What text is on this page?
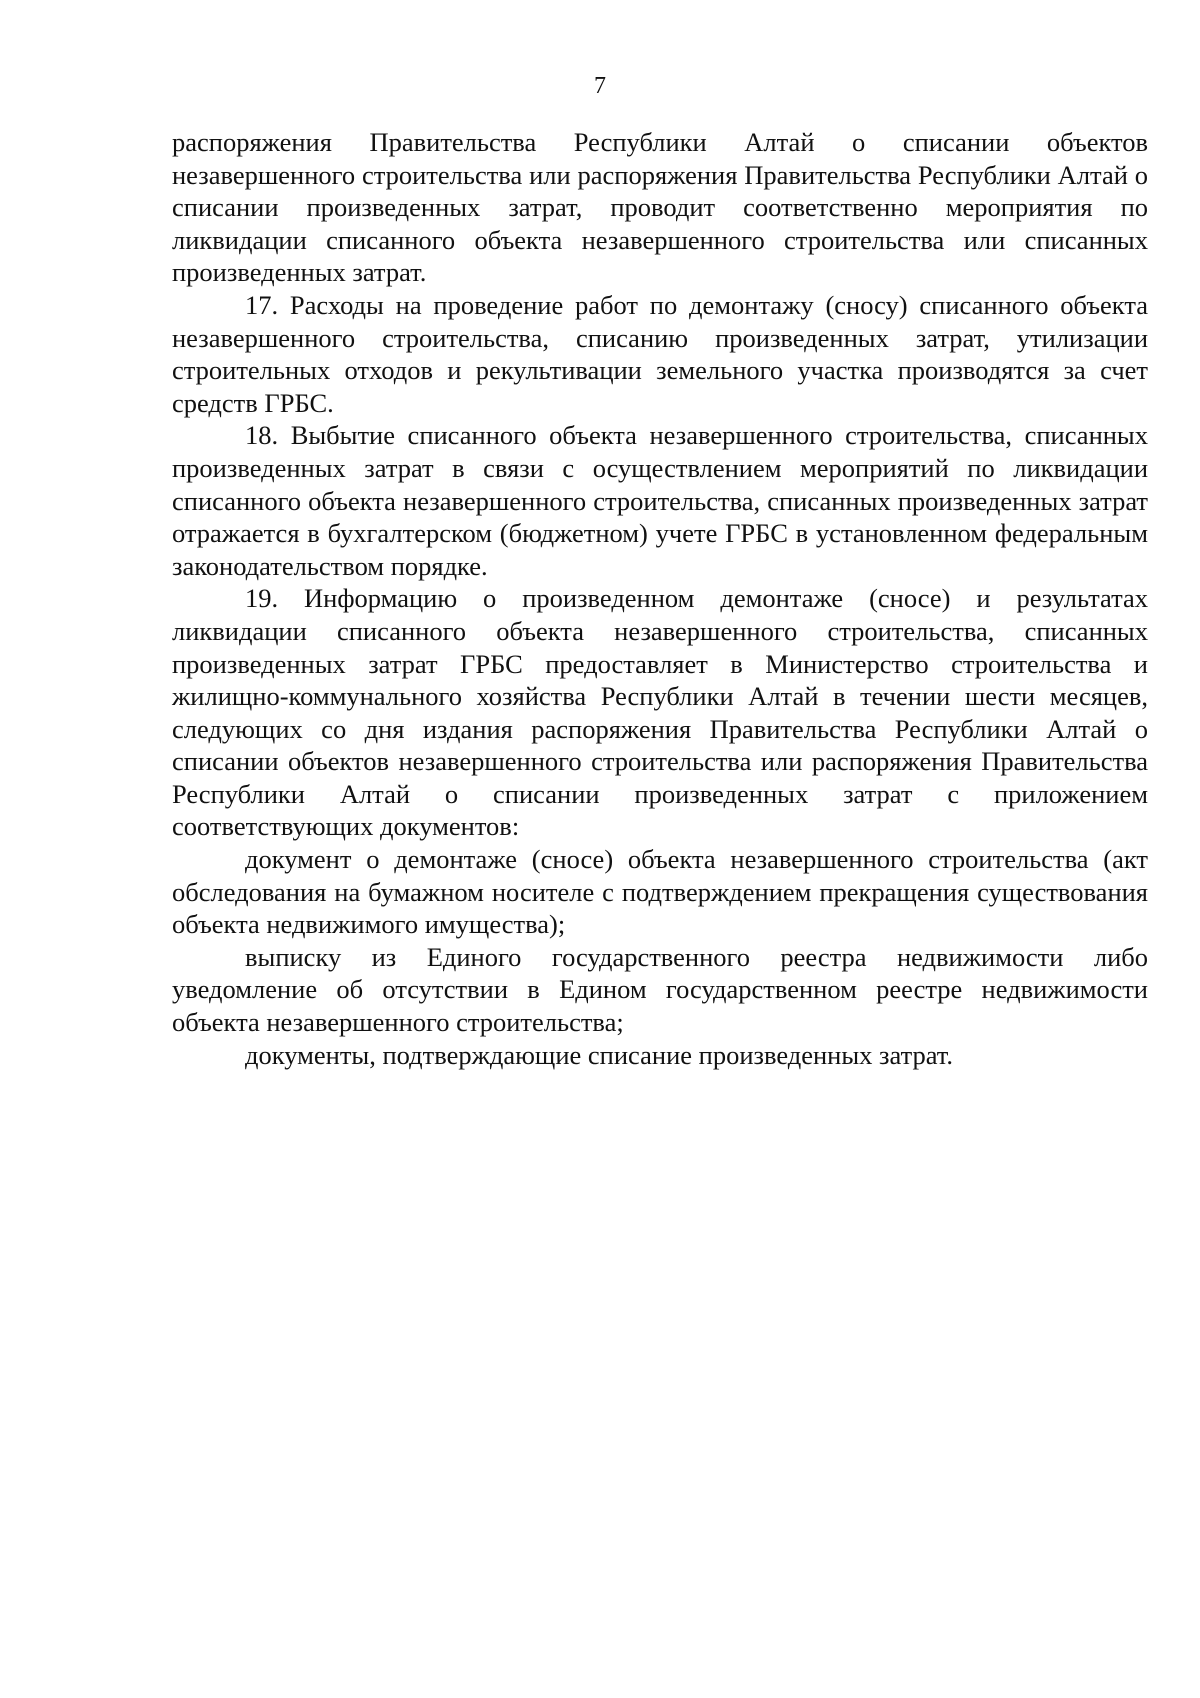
7

распоряжения Правительства Республики Алтай о списании объектов незавершенного строительства или распоряжения Правительства Республики Алтай о списании произведенных затрат, проводит соответственно мероприятия по ликвидации списанного объекта незавершенного строительства или списанных произведенных затрат.

17. Расходы на проведение работ по демонтажу (сносу) списанного объекта незавершенного строительства, списанию произведенных затрат, утилизации строительных отходов и рекультивации земельного участка производятся за счет средств ГРБС.

18. Выбытие списанного объекта незавершенного строительства, списанных произведенных затрат в связи с осуществлением мероприятий по ликвидации списанного объекта незавершенного строительства, списанных произведенных затрат отражается в бухгалтерском (бюджетном) учете ГРБС в установленном федеральным законодательством порядке.

19. Информацию о произведенном демонтаже (сносе) и результатах ликвидации списанного объекта незавершенного строительства, списанных произведенных затрат ГРБС предоставляет в Министерство строительства и жилищно-коммунального хозяйства Республики Алтай в течении шести месяцев, следующих со дня издания распоряжения Правительства Республики Алтай о списании объектов незавершенного строительства или распоряжения Правительства Республики Алтай о списании произведенных затрат с приложением соответствующих документов:

документ о демонтаже (сносе) объекта незавершенного строительства (акт обследования на бумажном носителе с подтверждением прекращения существования объекта недвижимого имущества);

выписку из Единого государственного реестра недвижимости либо уведомление об отсутствии в Едином государственном реестре недвижимости объекта незавершенного строительства;

документы, подтверждающие списание произведенных затрат.
